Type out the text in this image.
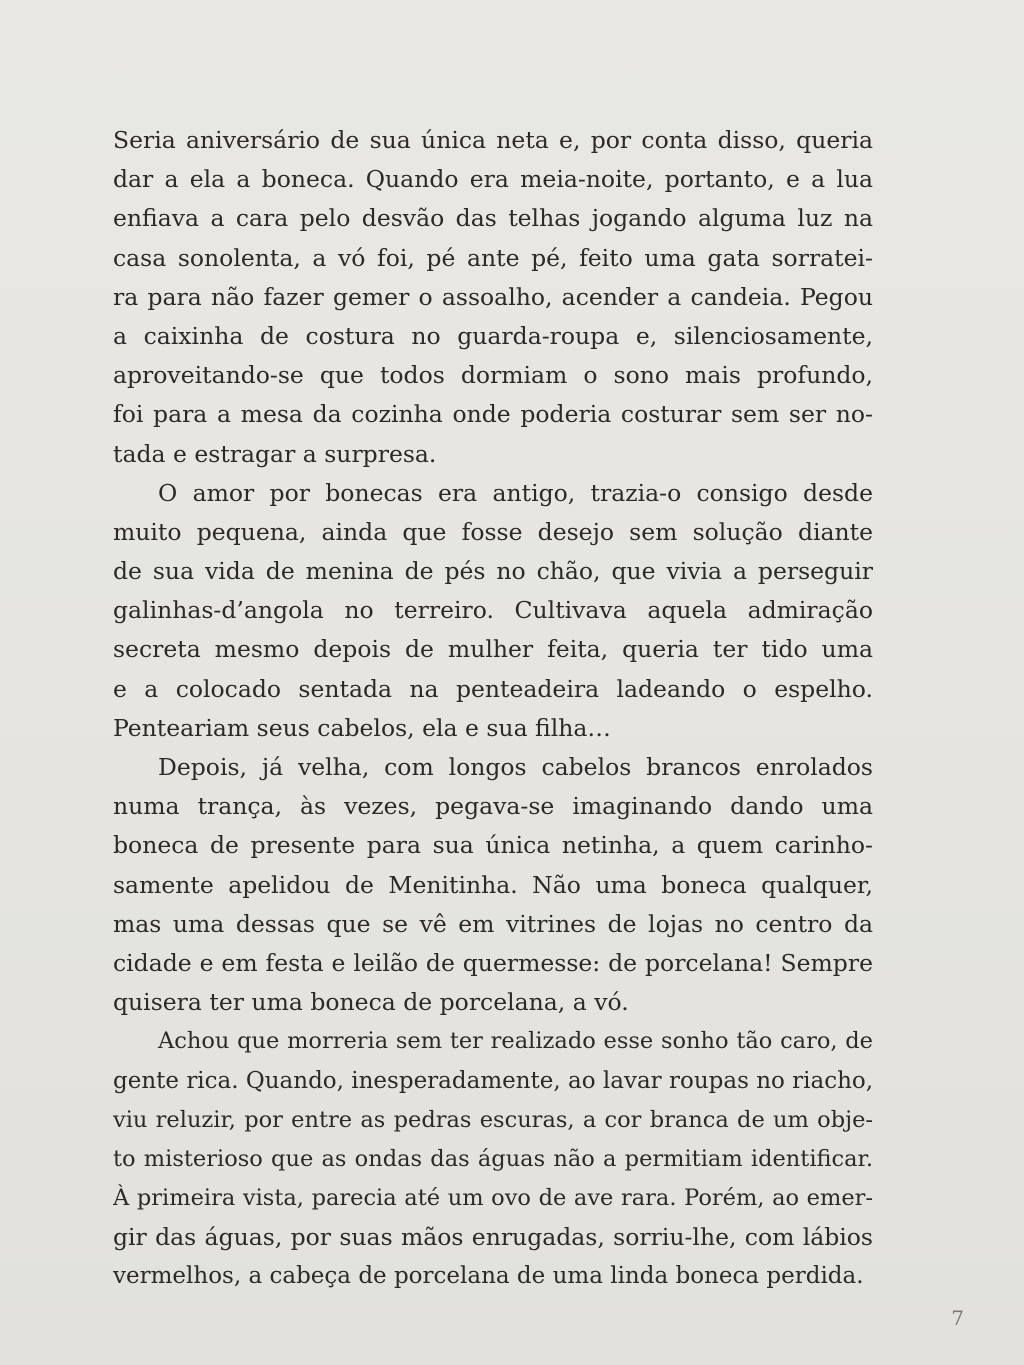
Seria aniversário de sua única neta e, por conta disso, queria
dar a ela a boneca. Quando era meia-noite, portanto, e a lua
enfiava a cara pelo desvão das telhas jogando alguma luz na
casa sonolenta, a vó foi, pé ante pé, feito uma gata sorratei-
ra para não fazer gemer o assoalho, acender a candeia. Pegou
a caixinha de costura no guarda-roupa e, silenciosamente,
aproveitando-se que todos dormiam o sono mais profundo,
foi para a mesa da cozinha onde poderia costurar sem ser no-
tada e estragar a surpresa.
O amor por bonecas era antigo, trazia-o consigo desde
muito pequena, ainda que fosse desejo sem solução diante
de sua vida de menina de pés no chão, que vivia a perseguir
galinhas-d’angola no terreiro. Cultivava aquela admiração
secreta mesmo depois de mulher feita, queria ter tido uma
e a colocado sentada na penteadeira ladeando o espelho.
Penteariam seus cabelos, ela e sua filha…
Depois, já velha, com longos cabelos brancos enrolados
numa trança, às vezes, pegava-se imaginando dando uma
boneca de presente para sua única netinha, a quem carinho-
samente apelidou de Menitinha. Não uma boneca qualquer,
mas uma dessas que se vê em vitrines de lojas no centro da
cidade e em festa e leilão de quermesse: de porcelana! Sempre
quisera ter uma boneca de porcelana, a vó.
Achou que morreria sem ter realizado esse sonho tão caro, de
gente rica. Quando, inesperadamente, ao lavar roupas no riacho,
viu reluzir, por entre as pedras escuras, a cor branca de um obje-
to misterioso que as ondas das águas não a permitiam identificar.
À primeira vista, parecia até um ovo de ave rara. Porém, ao emer-
gir das águas, por suas mãos enrugadas, sorriu-lhe, com lábios
vermelhos, a cabeça de porcelana de uma linda boneca perdida.
7
